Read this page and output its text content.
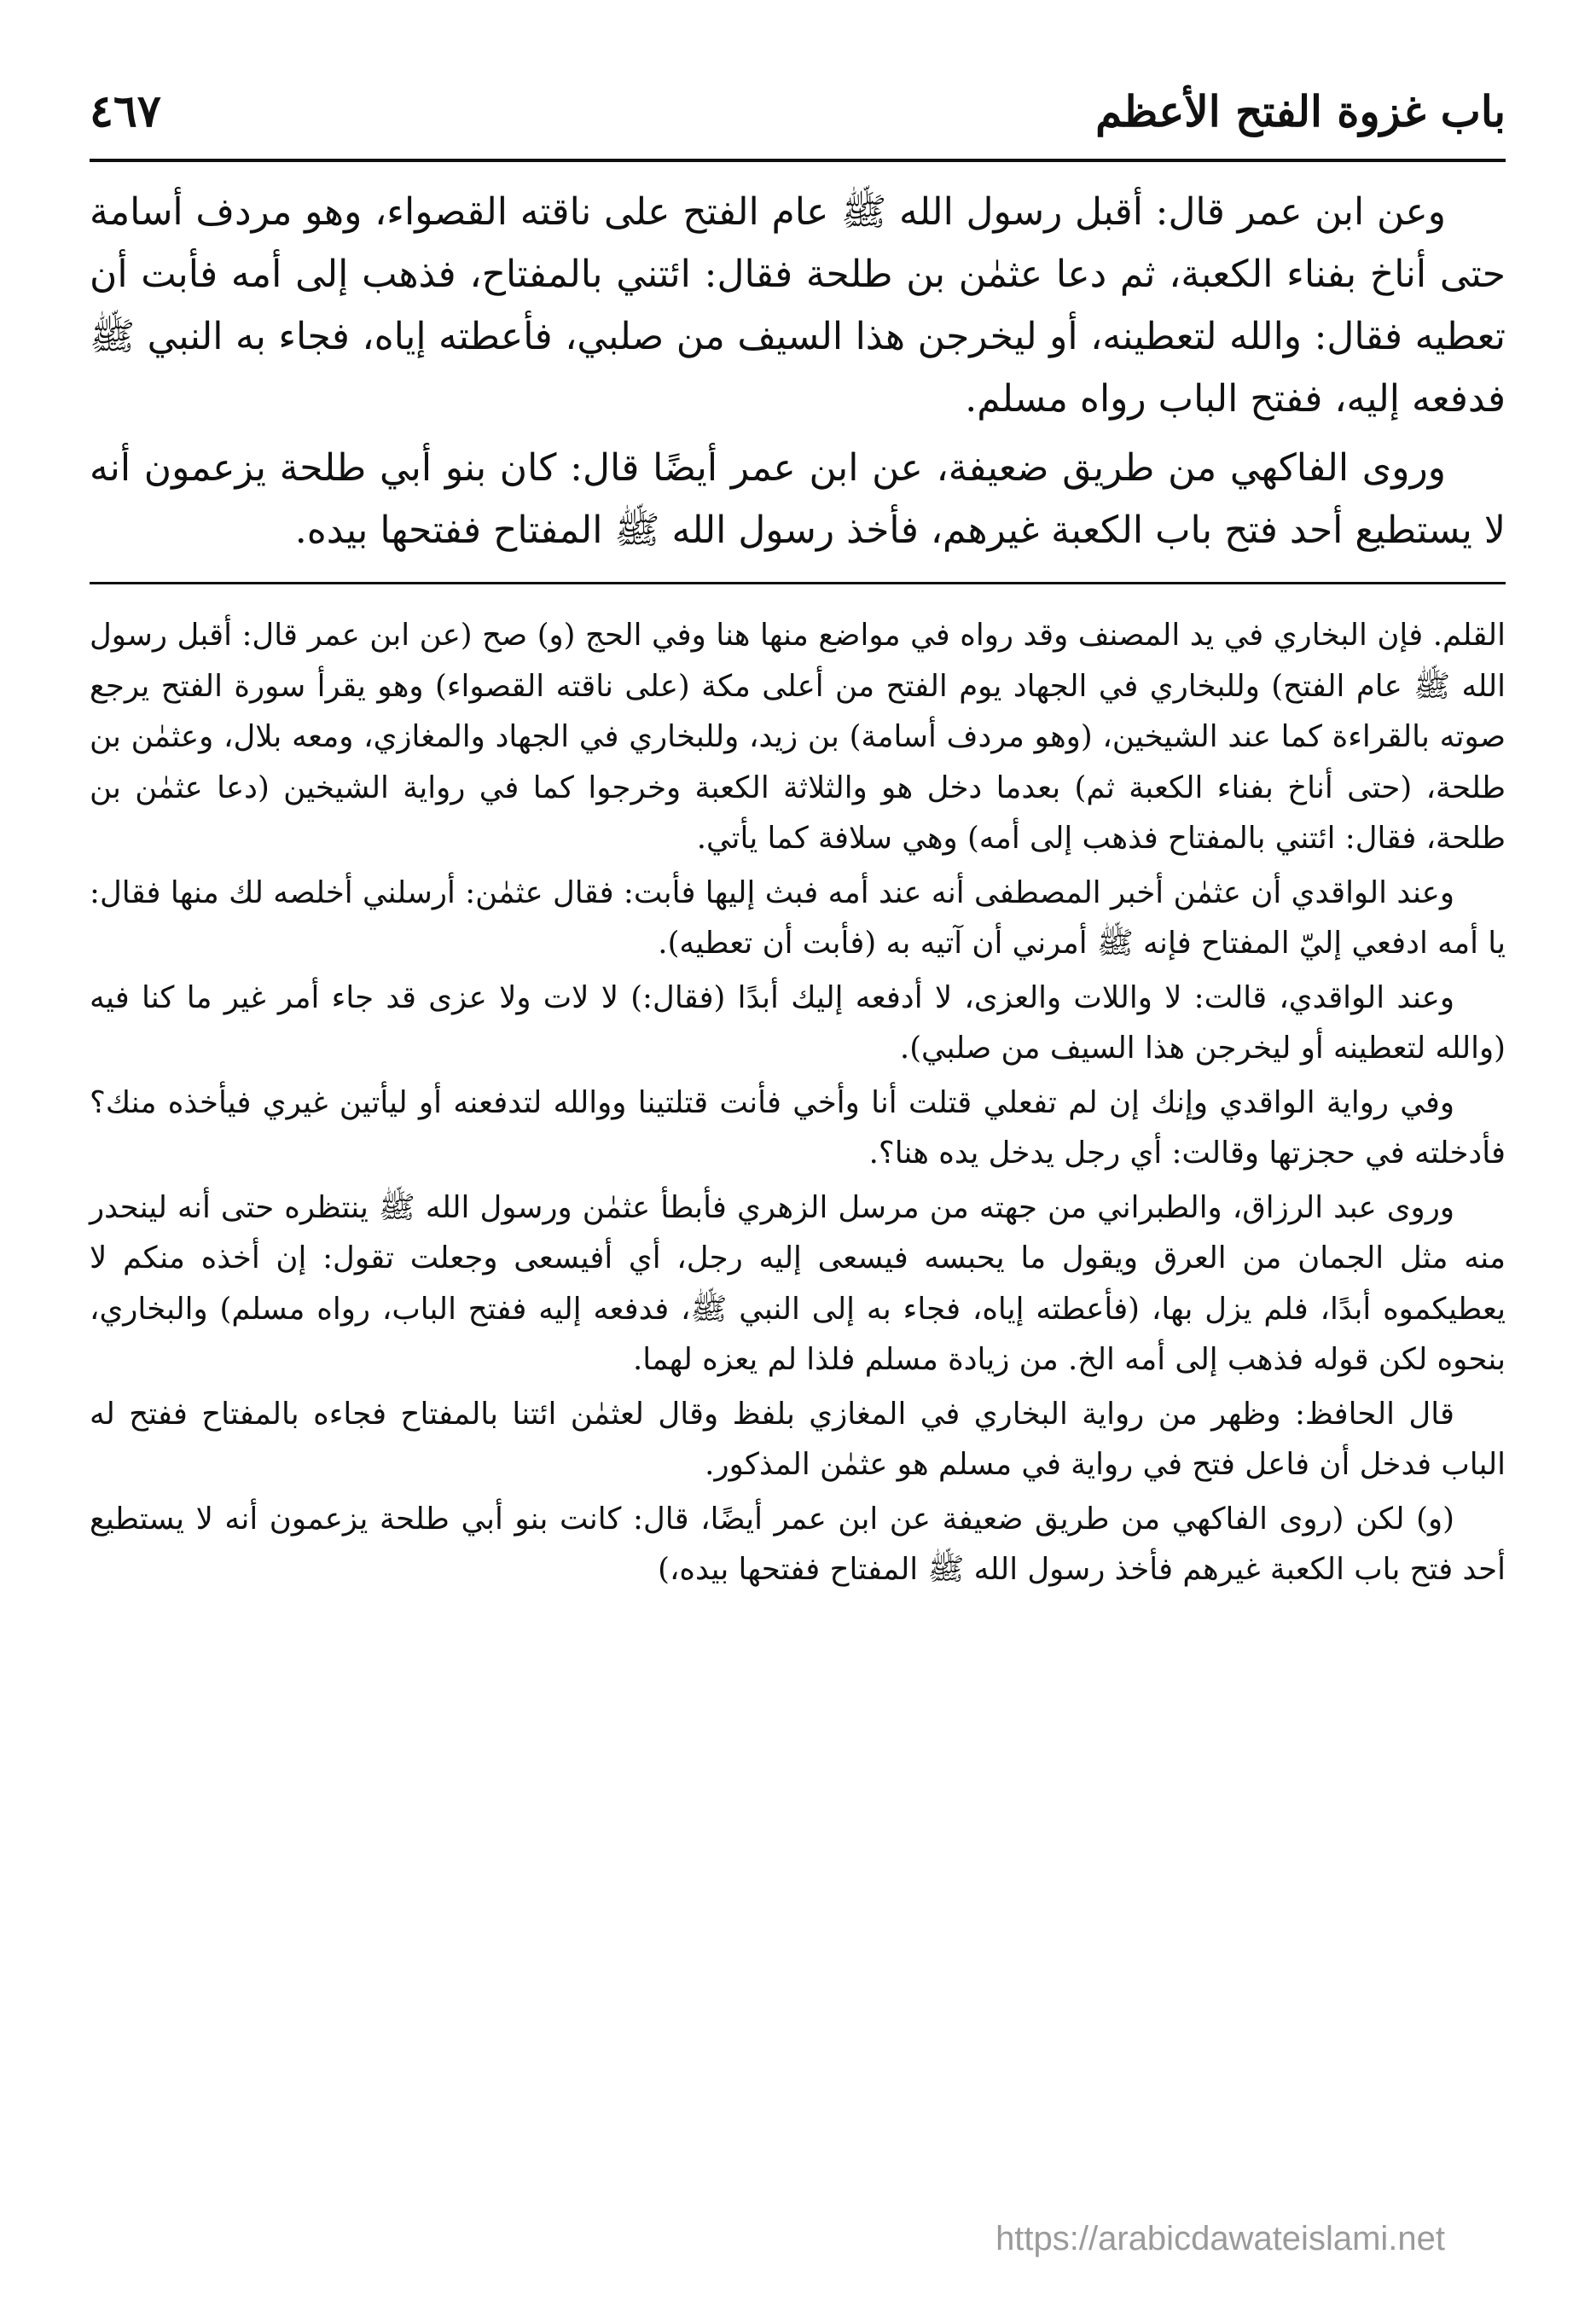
باب غزوة الفتح الأعظم
٤٦٧

وعن ابن عمر قال: أقبل رسول الله ﷺ عام الفتح على ناقته القصواء، وهو مردف أسامة حتى أناخ بفناء الكعبة، ثم دعا عثمٰن بن طلحة فقال: ائتني بالمفتاح، فذهب إلى أمه فأبت أن تعطيه فقال: والله لتعطينه، أو ليخرجن هذا السيف من صلبي، فأعطته إياه، فجاء به النبي ﷺ فدفعه إليه، ففتح الباب رواه مسلم.

وروى الفاكهي من طريق ضعيفة، عن ابن عمر أيضًا قال: كان بنو أبي طلحة يزعمون أنه لا يستطيع أحد فتح باب الكعبة غيرهم، فأخذ رسول الله ﷺ المفتاح ففتحها بيده.

القلم. فإن البخاري في يد المصنف وقد رواه في مواضع منها هنا وفي الحج (و) صح (عن ابن عمر قال: أقبل رسول الله ﷺ عام الفتح) وللبخاري في الجهاد يوم الفتح من أعلى مكة (على ناقته القصواء) وهو يقرأ سورة الفتح يرجع صوته بالقراءة كما عند الشيخين، (وهو مردف أسامة) بن زيد، وللبخاري في الجهاد والمغازي، ومعه بلال، وعثمٰن بن طلحة، (حتى أناخ بفناء الكعبة ثم) بعدما دخل هو والثلاثة الكعبة وخرجوا كما في رواية الشيخين (دعا عثمٰن بن طلحة، فقال: ائتني بالمفتاح فذهب إلى أمه) وهي سلافة كما يأتي.

وعند الواقدي أن عثمٰن أخبر المصطفى أنه عند أمه فبث إليها فأبت: فقال عثمٰن: أرسلني أخلصه لك منها فقال: يا أمه ادفعي إليّ المفتاح فإنه ﷺ أمرني أن آتيه به (فأبت أن تعطيه).

وعند الواقدي، قالت: لا واللات والعزى، لا أدفعه إليك أبدًا (فقال:) لا لات ولا عزى قد جاء أمر غير ما كنا فيه (والله لتعطينه أو ليخرجن هذا السيف من صلبي).

وفي رواية الواقدي وإنك إن لم تفعلي قتلت أنا وأخي فأنت قتلتينا ووالله لتدفعنه أو ليأتين غيري فيأخذه منك؟ فأدخلته في حجزتها وقالت: أي رجل يدخل يده هنا؟.

وروى عبد الرزاق، والطبراني من جهته من مرسل الزهري فأبطأ عثمٰن ورسول الله ﷺ ينتظره حتى أنه لينحدر منه مثل الجمان من العرق ويقول ما يحبسه فيسعى إليه رجل، أي أفيسعى وجعلت تقول: إن أخذه منكم لا يعطيكموه أبدًا، فلم يزل بها، (فأعطته إياه، فجاء به إلى النبي ﷺ، فدفعه إليه ففتح الباب، رواه مسلم) والبخاري، بنحوه لكن قوله فذهب إلى أمه الخ. من زيادة مسلم فلذا لم يعزه لهما.

قال الحافظ: وظهر من رواية البخاري في المغازي بلفظ وقال لعثمٰن ائتنا بالمفتاح فجاءه بالمفتاح ففتح له الباب فدخل أن فاعل فتح في رواية في مسلم هو عثمٰن المذكور.

(و) لكن (روى الفاكهي من طريق ضعيفة عن ابن عمر أيضًا، قال: كانت بنو أبي طلحة يزعمون أنه لا يستطيع أحد فتح باب الكعبة غيرهم فأخذ رسول الله ﷺ المفتاح ففتحها بيده،)

https://arabicdawateislami.net
